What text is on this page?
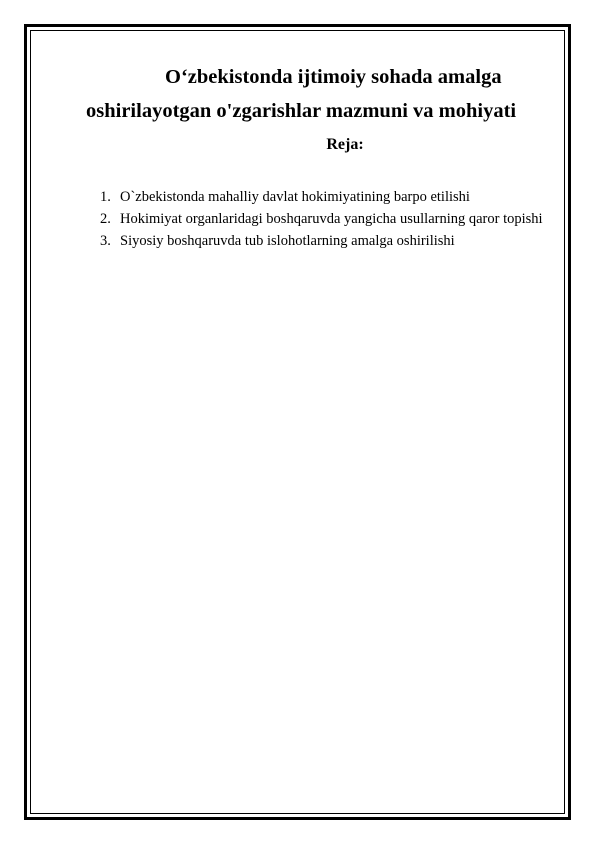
O‘zbekistonda ijtimoiy sohada amalga
oshirilayotgan o'zgarishlar mazmuni va mohiyati

Reja:

1. O`zbekistonda mahalliy davlat hokimiyatining barpo etilishi
2. Hokimiyat organlaridagi boshqaruvda yangicha usullarning qaror topishi
3. Siyosiy boshqaruvda tub islohotlarning amalga oshirilishi
